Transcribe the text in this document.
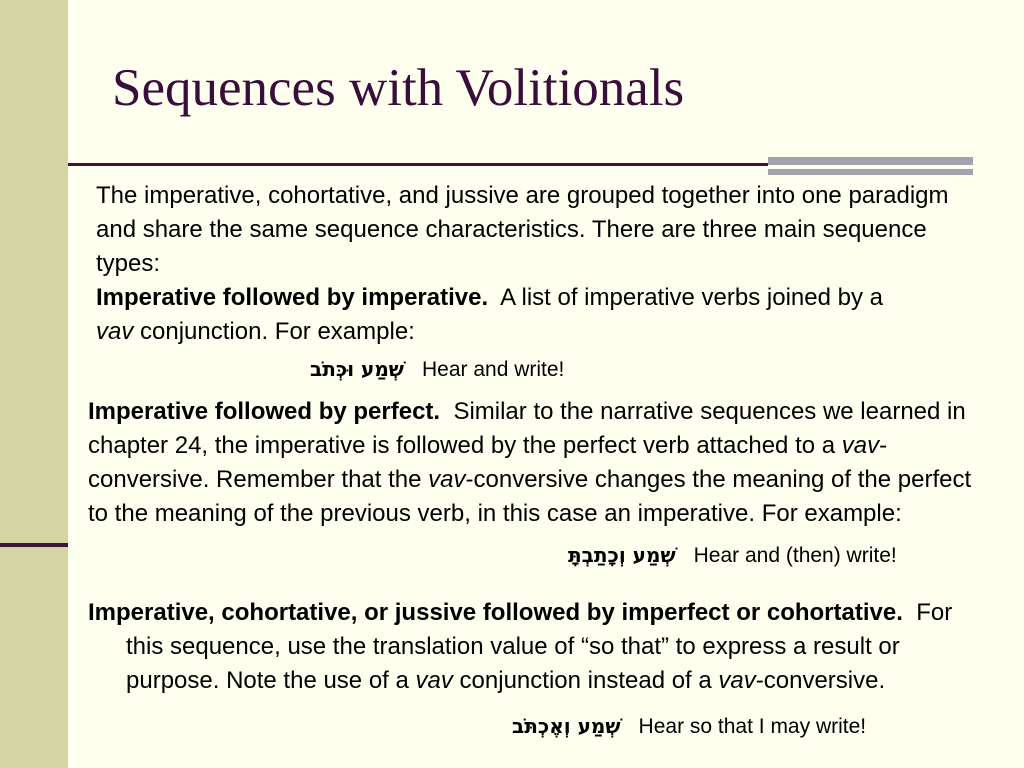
Sequences with Volitionals
The imperative, cohortative, and jussive are grouped together into one paradigm and share the same sequence characteristics. There are three main sequence types:

Imperative followed by imperative. A list of imperative verbs joined by a vav conjunction. For example:
שְׁמַע וּכְּתֹב Hear and write!
Imperative followed by perfect. Similar to the narrative sequences we learned in chapter 24, the imperative is followed by the perfect verb attached to a vav-conversive. Remember that the vav-conversive changes the meaning of the perfect to the meaning of the previous verb, in this case an imperative. For example:
שְׁמַע וְכָתַבְתָּ Hear and (then) write!
Imperative, cohortative, or jussive followed by imperfect or cohortative. For this sequence, use the translation value of “so that” to express a result or purpose. Note the use of a vav conjunction instead of a vav-conversive.
שְׁמַע וְאֶכְתֹּב Hear so that I may write!
